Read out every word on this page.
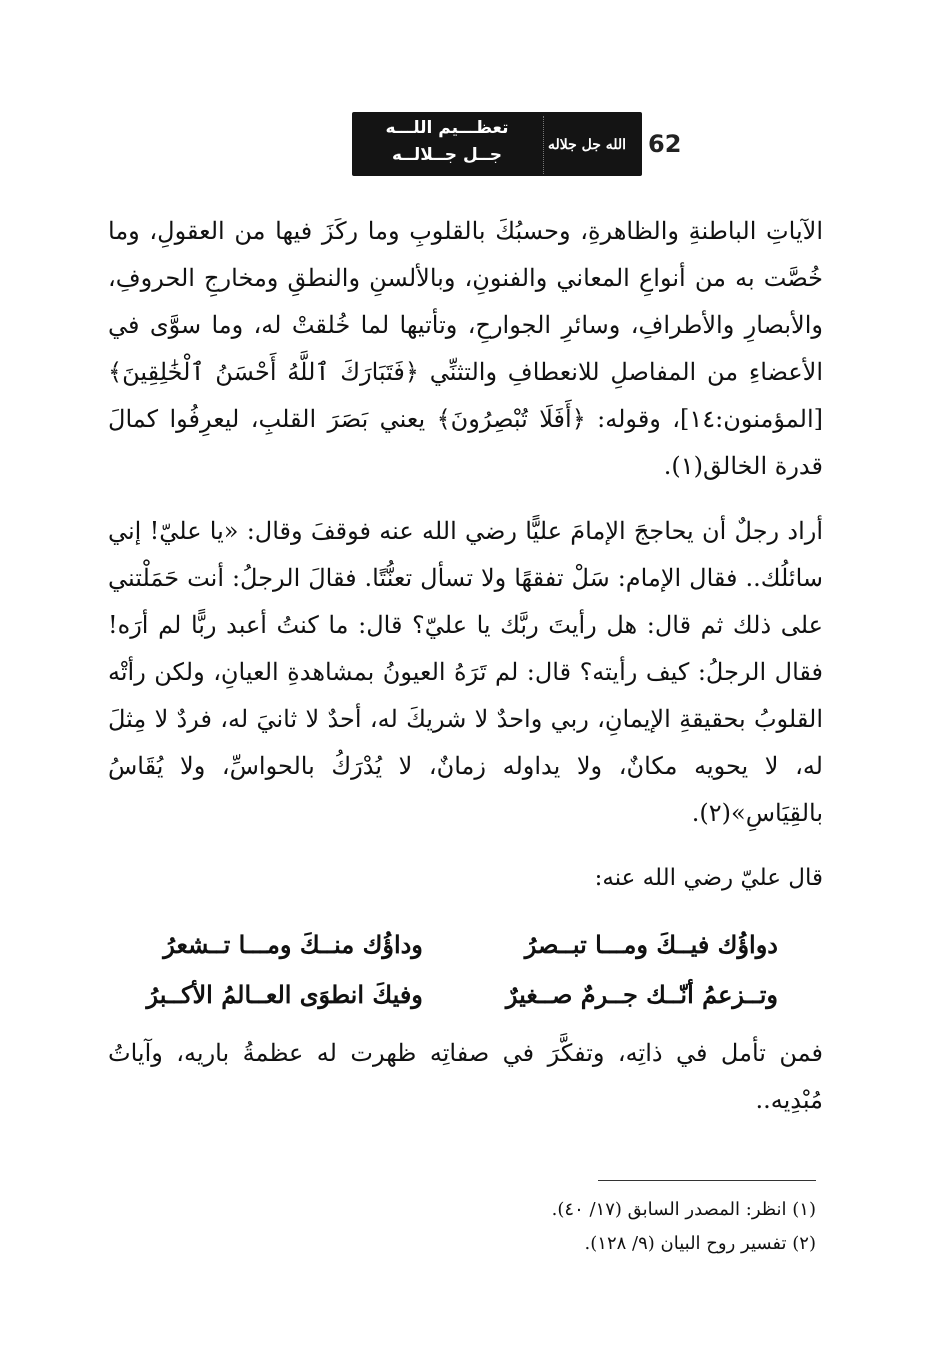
تعظـــيم اللـــه
جــل جــلالــه	الله جل جلاله 62

الآياتِ الباطنةِ والظاهرةِ، وحسبُكَ بالقلوبِ وما ركَزَ فيها من العقولِ، وما خُصَّت به من أنواعِ المعاني والفنونِ، وبالألسنِ والنطقِ ومخارجِ الحروفِ، والأبصارِ والأطرافِ، وسائرِ الجوارحِ، وتأتيها لما خُلقتْ له، وما سوَّى في الأعضاءِ من المفاصلِ للانعطافِ والتثنِّي ﴿فَتَبَارَكَ ٱللَّهُ أَحْسَنُ ٱلْخَٰلِقِينَ﴾ [المؤمنون:١٤]، وقوله: ﴿أَفَلَا تُبْصِرُونَ﴾ يعني بَصَرَ القلبِ، ليعرِفُوا كمالَ قدرة الخالق(١).

أراد رجلٌ أن يحاججَ الإمامَ عليًّا رضي الله عنه فوقفَ وقال: «يا عليّ! إني سائلُك.. فقال الإمام: سَلْ تفقهًا ولا تسأل تعنُّتًا. فقالَ الرجلُ: أنت حَمَلْتني على ذلك ثم قال: هل رأيتَ ربَّك يا عليّ؟ قال: ما كنتُ أعبد ربًّا لم أرَه! فقال الرجلُ: كيف رأيته؟ قال: لم تَرَهُ العيونُ بمشاهدةِ العيانِ، ولكن رأتْه القلوبُ بحقيقةِ الإيمانِ، ربي واحدٌ لا شريكَ له، أحدٌ لا ثانيَ له، فردٌ لا مِثلَ له، لا يحويه مكانٌ، ولا يداوله زمانٌ، لا يُدْرَكُ بالحواسِّ، ولا يُقَاسُ بالقِيَاسِ»(٢).

قال عليّ رضي الله عنه:

دواؤُك فيــكَ ومـــا تبــصرُ
وداؤُك منــكَ ومـــا تــشعرُ
وتــزعمُ أنّــك جــرمٌ صــغيرٌ
وفيكَ انطوَى العــالمُ الأكــبرُ

فمن تأمل في ذاتِه، وتفكَّرَ في صفاتِه ظهرت له عظمةُ باريه، وآياتُ مُبْدِيه..

(١) انظر: المصدر السابق (١٧/ ٤٠).
(٢) تفسير روح البيان (٩/ ١٢٨).
